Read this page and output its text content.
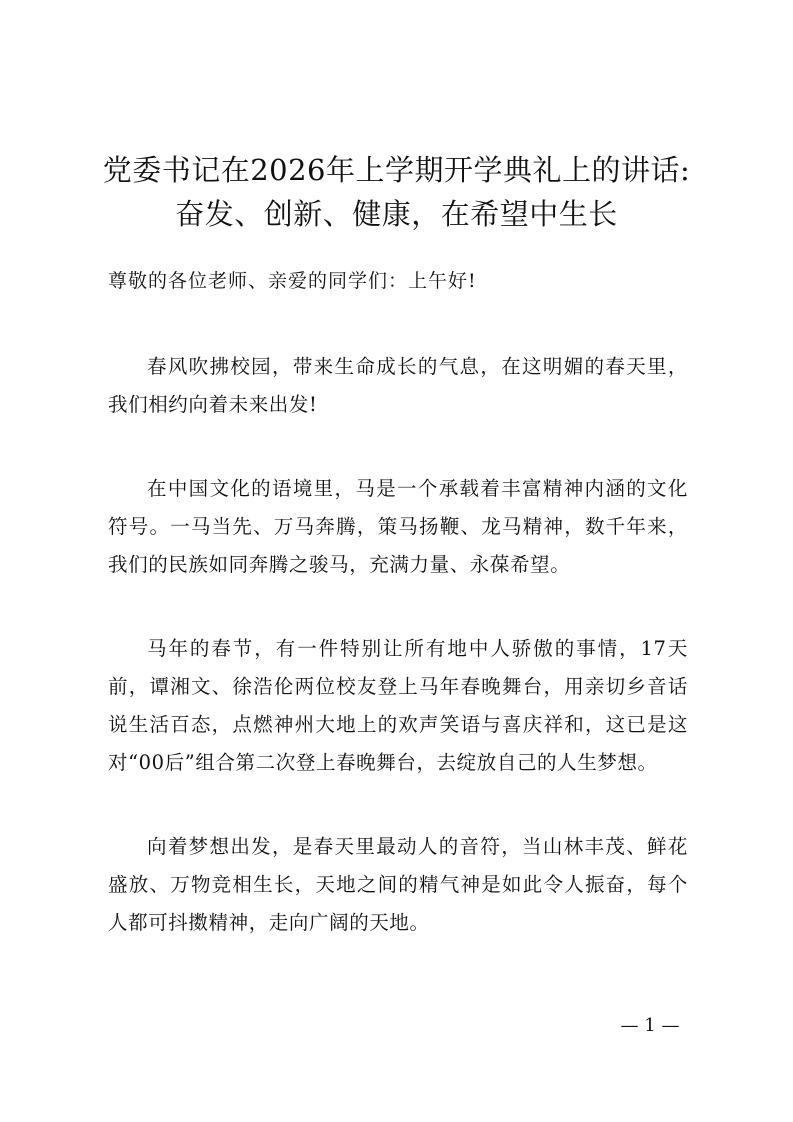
党委书记在2026年上学期开学典礼上的讲话:
奋发、创新、健康，在希望中生长
尊敬的各位老师、亲爱的同学们：上午好!

春风吹拂校园，带来生命成长的气息，在这明媚的春天里，我们相约向着未来出发!

在中国文化的语境里，马是一个承载着丰富精神内涵的文化符号。一马当先、万马奔腾，策马扬鞭、龙马精神，数千年来，我们的民族如同奔腾之骏马，充满力量、永葆希望。

马年的春节，有一件特别让所有地中人骄傲的事情，17天前，谭湘文、徐浩伦两位校友登上马年春晚舞台，用亲切乡音话说生活百态，点燃神州大地上的欢声笑语与喜庆祥和，这已是这对“00后”组合第二次登上春晚舞台，去绽放自己的人生梦想。

向着梦想出发，是春天里最动人的音符，当山林丰茂、鲜花盛放、万物竞相生长，天地之间的精气神是如此令人振奋，每个人都可抖擞精神，走向广阔的天地。

— 1 —
